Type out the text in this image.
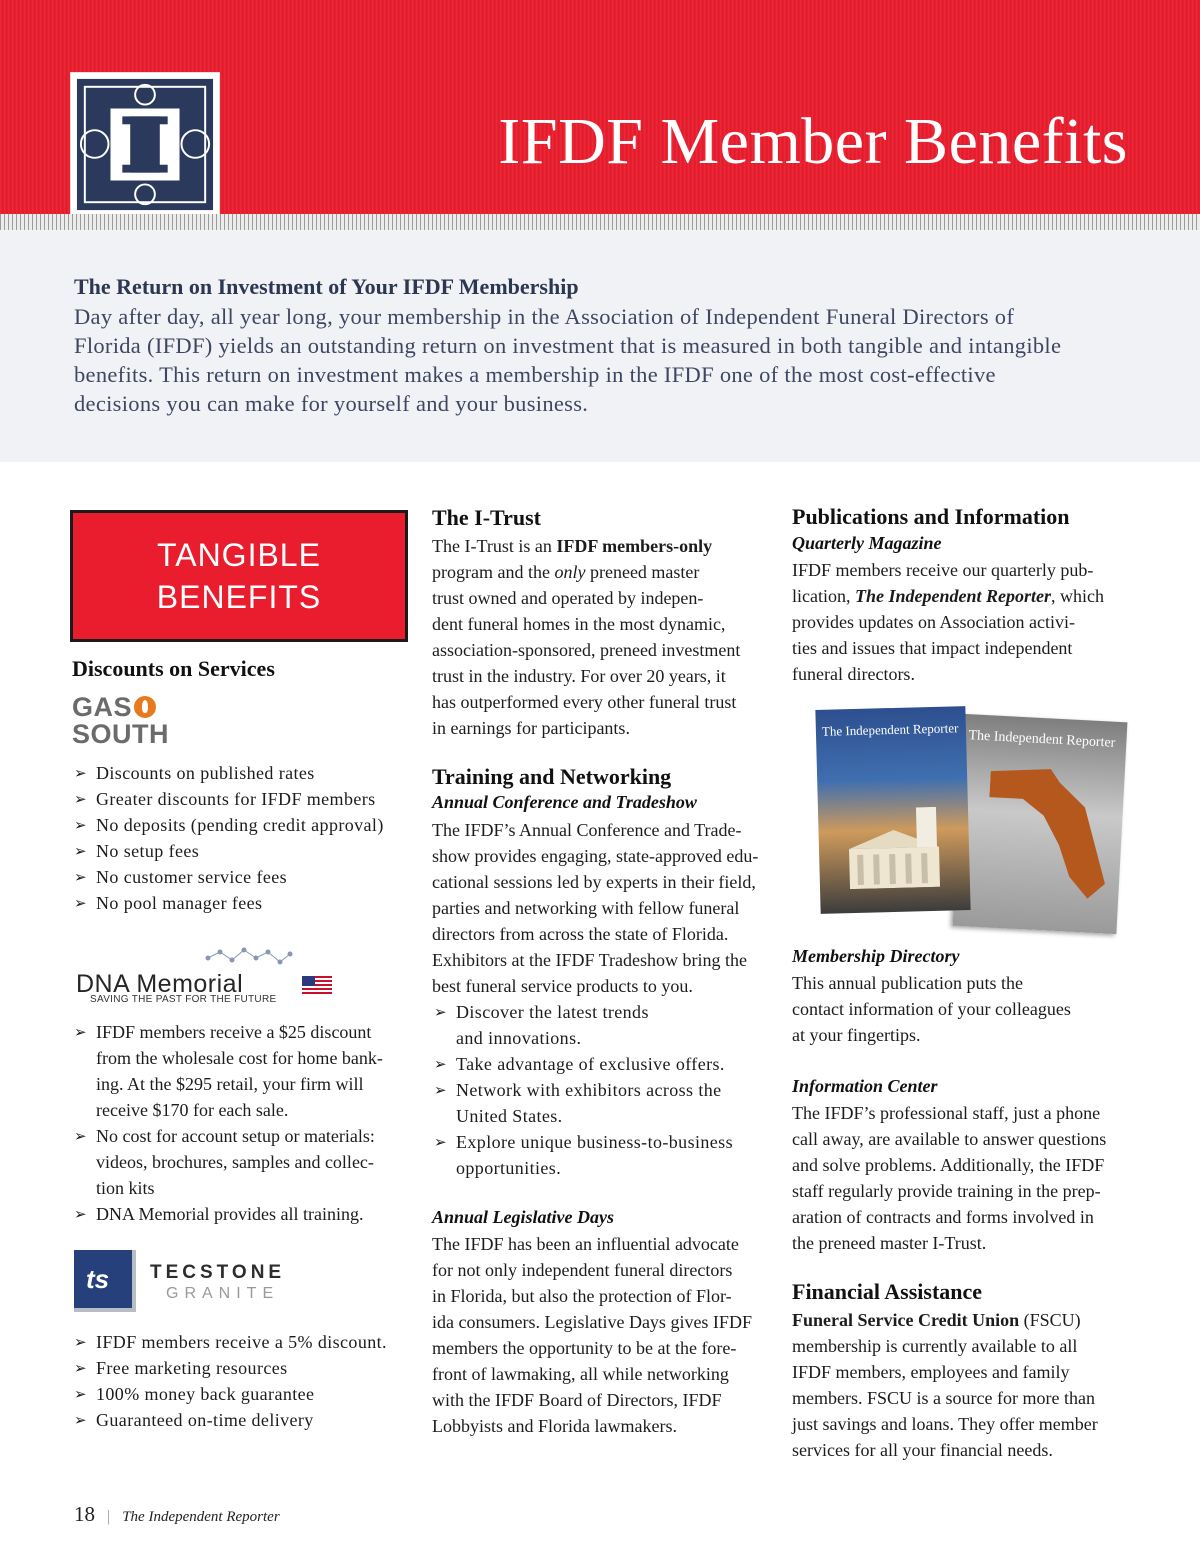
IFDF Member Benefits
The Return on Investment of Your IFDF Membership
Day after day, all year long, your membership in the Association of Independent Funeral Directors of
Florida (IFDF) yields an outstanding return on investment that is measured in both tangible and intangible
benefits. This return on investment makes a membership in the IFDF one of the most cost-effective
decisions you can make for yourself and your business.
TANGIBLE
BENEFITS
Discounts on Services
GAS
SOUTH
➢ Discounts on published rates
➢ Greater discounts for IFDF members
➢ No deposits (pending credit approval)
➢ No setup fees
➢ No customer service fees
➢ No pool manager fees
DNA Memorial
SAVING THE PAST FOR THE FUTURE
➢ IFDF members receive a $25 discount
from the wholesale cost for home bank-
ing. At the $295 retail, your firm will
receive $170 for each sale.
➢ No cost for account setup or materials:
videos, brochures, samples and collec-
tion kits
➢ DNA Memorial provides all training.
ts TECSTONE
GRANITE
➢ IFDF members receive a 5% discount.
➢ Free marketing resources
➢ 100% money back guarantee
➢ Guaranteed on-time delivery
The I-Trust
The I-Trust is an IFDF members-only
program and the only preneed master
trust owned and operated by indepen-
dent funeral homes in the most dynamic,
association-sponsored, preneed investment
trust in the industry. For over 20 years, it
has outperformed every other funeral trust
in earnings for participants.
Training and Networking
Annual Conference and Tradeshow
The IFDF’s Annual Conference and Trade-
show provides engaging, state-approved edu-
cational sessions led by experts in their field,
parties and networking with fellow funeral
directors from across the state of Florida.
Exhibitors at the IFDF Tradeshow bring the
best funeral service products to you.
➢ Discover the latest trends
and innovations.
➢ Take advantage of exclusive offers.
➢ Network with exhibitors across the
United States.
➢ Explore unique business-to-business
opportunities.
Annual Legislative Days
The IFDF has been an influential advocate
for not only independent funeral directors
in Florida, but also the protection of Flor-
ida consumers. Legislative Days gives IFDF
members the opportunity to be at the fore-
front of lawmaking, all while networking
with the IFDF Board of Directors, IFDF
Lobbyists and Florida lawmakers.
Publications and Information
Quarterly Magazine
IFDF members receive our quarterly pub-
lication, The Independent Reporter, which
provides updates on Association activi-
ties and issues that impact independent
funeral directors.
The Independent Reporter
The Independent Reporter
Membership Directory
This annual publication puts the
contact information of your colleagues
at your fingertips.
Information Center
The IFDF’s professional staff, just a phone
call away, are available to answer questions
and solve problems. Additionally, the IFDF
staff regularly provide training in the prep-
aration of contracts and forms involved in
the preneed master I-Trust.
Financial Assistance
Funeral Service Credit Union (FSCU)
membership is currently available to all
IFDF members, employees and family
members. FSCU is a source for more than
just savings and loans. They offer member
services for all your financial needs.
18 | The Independent Reporter
